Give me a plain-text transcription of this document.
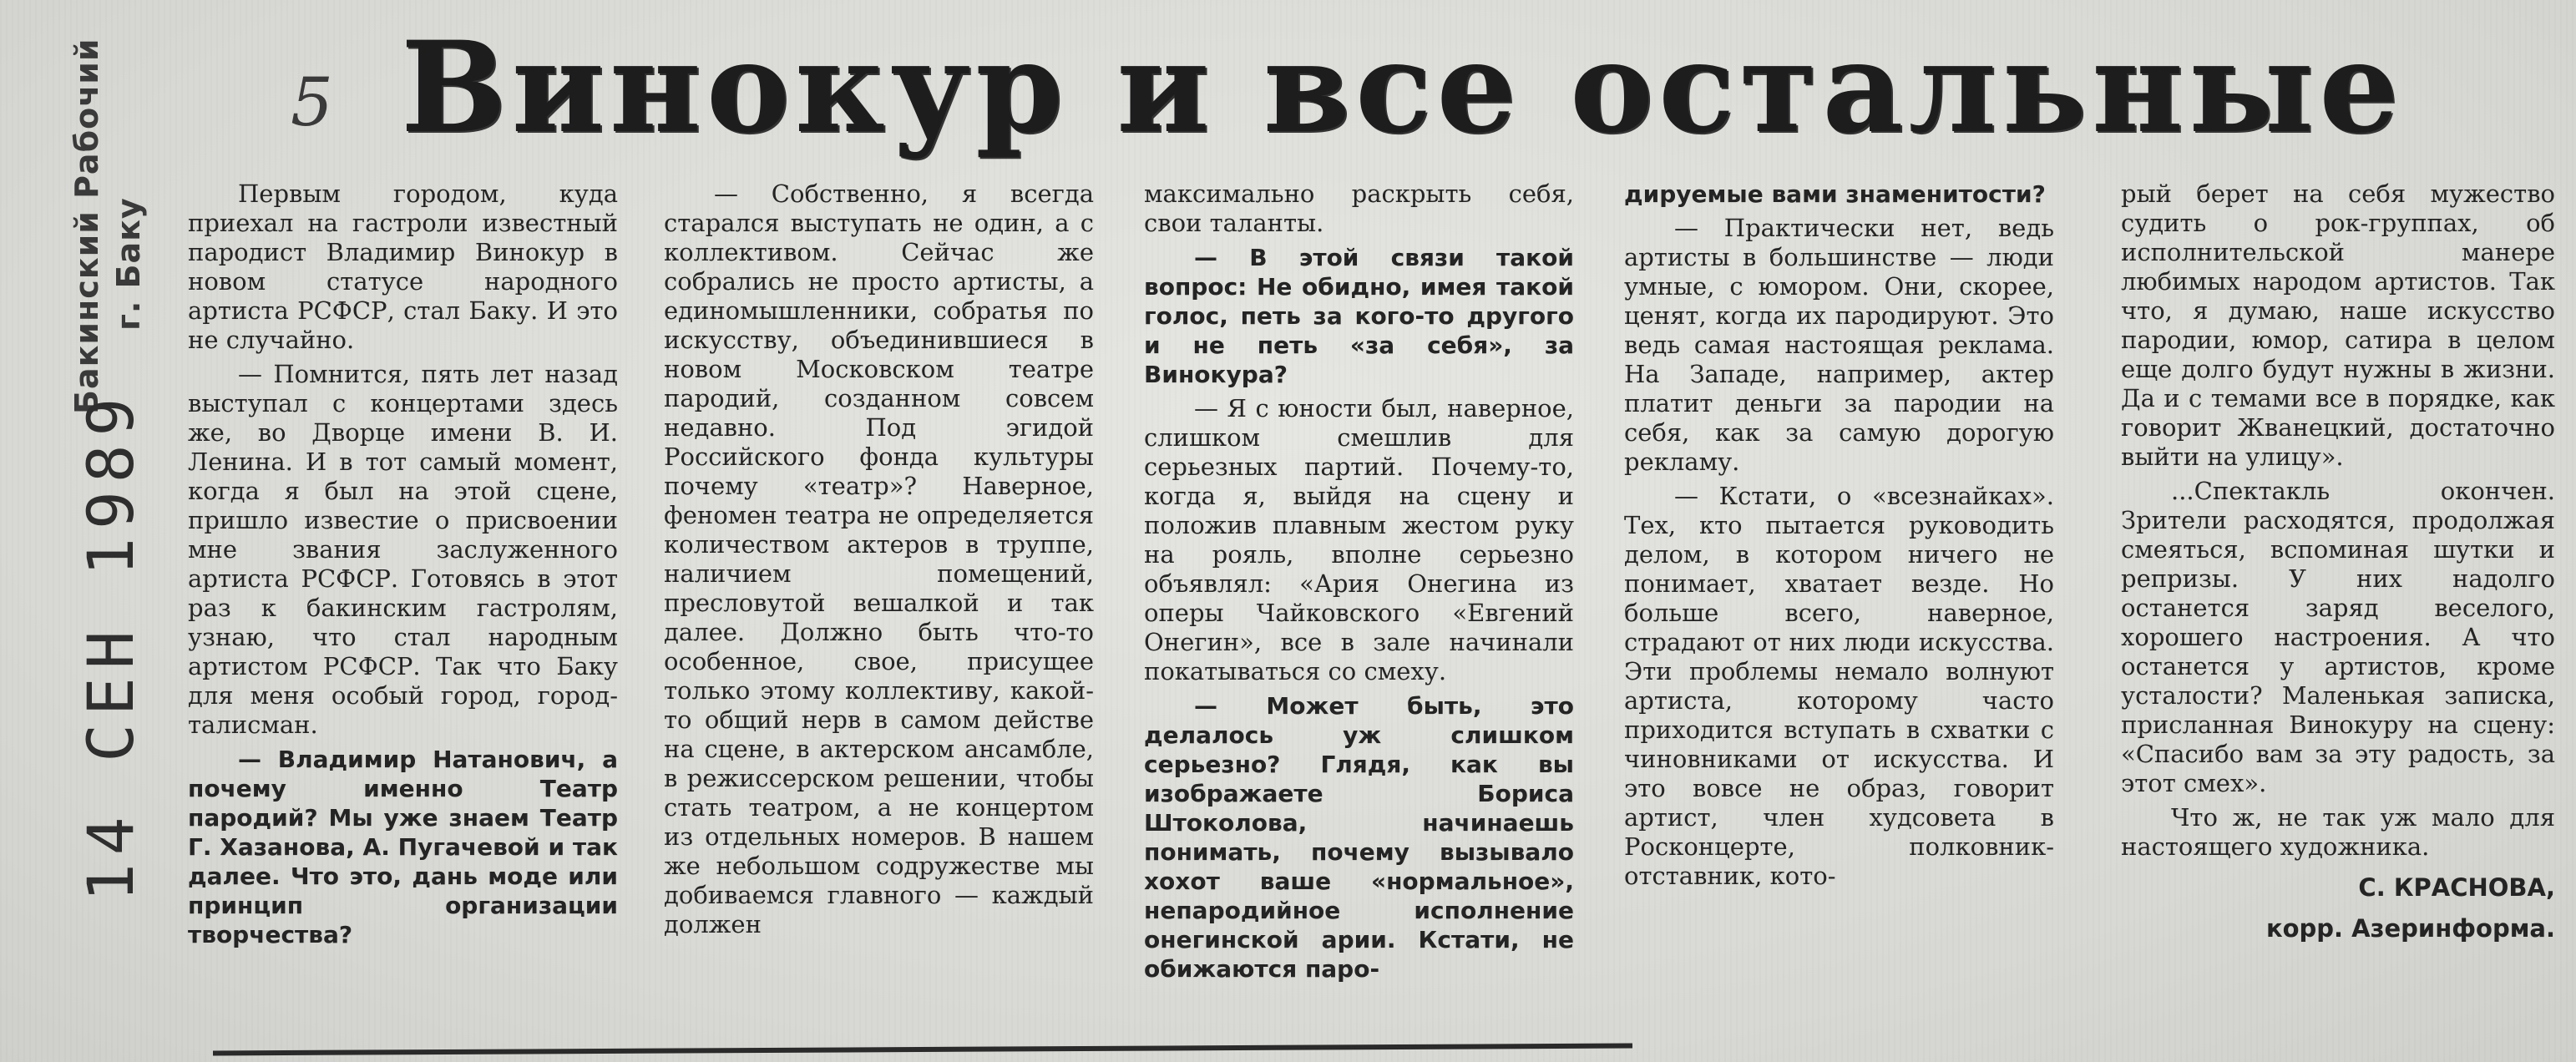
Бакинский Рабочий г. Баку
14 СЕН 1989
5 Винокур и все остальные

Первым городом, куда приехал на гастроли известный пародист Владимир Винокур в новом статусе народного артиста РСФСР, стал Баку. И это не случайно.

— Помнится, пять лет назад выступал с концертами здесь же, во Дворце имени В. И. Ленина. И в тот самый момент, когда я был на этой сцене, пришло известие о присвоении мне звания заслуженного артиста РСФСР. Готовясь в этот раз к бакинским гастролям, узнаю, что стал народным артистом РСФСР. Так что Баку для меня особый город, город-талисман.

— Владимир Натанович, а почему именно Театр пародий? Мы уже знаем Театр Г. Хазанова, А. Пугачевой и так далее. Что это, дань моде или принцип организации творчества?

— Собственно, я всегда старался выступать не один, а с коллективом. Сейчас же собрались не просто артисты, а единомышленники, собратья по искусству, объединившиеся в новом Московском театре пародий, созданном совсем недавно. Под эгидой Российского фонда культуры почему «театр»? Наверное, феномен театра не определяется количеством актеров в труппе, наличием помещений, пресловутой вешалкой и так далее. Должно быть что-то особенное, свое, присущее только этому коллективу, какой-то общий нерв в самом действе на сцене, в актерском ансамбле, в режиссерском решении, чтобы стать театром, а не концертом из отдельных номеров. В нашем же небольшом содружестве мы добиваемся главного — каждый должен

максимально раскрыть себя, свои таланты.

— В этой связи такой вопрос: Не обидно, имея такой голос, петь за кого-то другого и не петь «за себя», за Винокура?

— Я с юности был, наверное, слишком смешлив для серьезных партий. Почему-то, когда я, выйдя на сцену и положив плавным жестом руку на рояль, вполне серьезно объявлял: «Ария Онегина из оперы Чайковского «Евгений Онегин», все в зале начинали покатываться со смеху.

— Может быть, это делалось уж слишком серьезно? Глядя, как вы изображаете Бориса Штоколова, начинаешь понимать, почему вызывало хохот ваше «нормальное», непародийное исполнение онегинской арии. Кстати, не обижаются паро-

дируемые вами знаменитости?

— Практически нет, ведь артисты в большинстве — люди умные, с юмором. Они, скорее, ценят, когда их пародируют. Это ведь самая настоящая реклама. На Западе, например, актер платит деньги за пародии на себя, как за самую дорогую рекламу.

— Кстати, о «всезнайках». Тех, кто пытается руководить делом, в котором ничего не понимает, хватает везде. Но больше всего, наверное, страдают от них люди искусства. Эти проблемы немало волнуют артиста, которому часто приходится вступать в схватки с чиновниками от искусства. И это вовсе не образ, говорит артист, член худсовета в Росконцерте, полковник-отставник, кото-

рый берет на себя мужество судить о рок-группах, об исполнительской манере любимых народом артистов. Так что, я думаю, наше искусство пародии, юмор, сатира в целом еще долго будут нужны в жизни. Да и с темами все в порядке, как говорит Жванецкий, достаточно выйти на улицу».

...Спектакль окончен. Зрители расходятся, продолжая смеяться, вспоминая шутки и репризы. У них надолго останется заряд веселого, хорошего настроения. А что останется у артистов, кроме усталости? Маленькая записка, присланная Винокуру на сцену: «Спасибо вам за эту радость, за этот смех».

Что ж, не так уж мало для настоящего художника.

С. КРАСНОВА,

корр. Азеринформа.
